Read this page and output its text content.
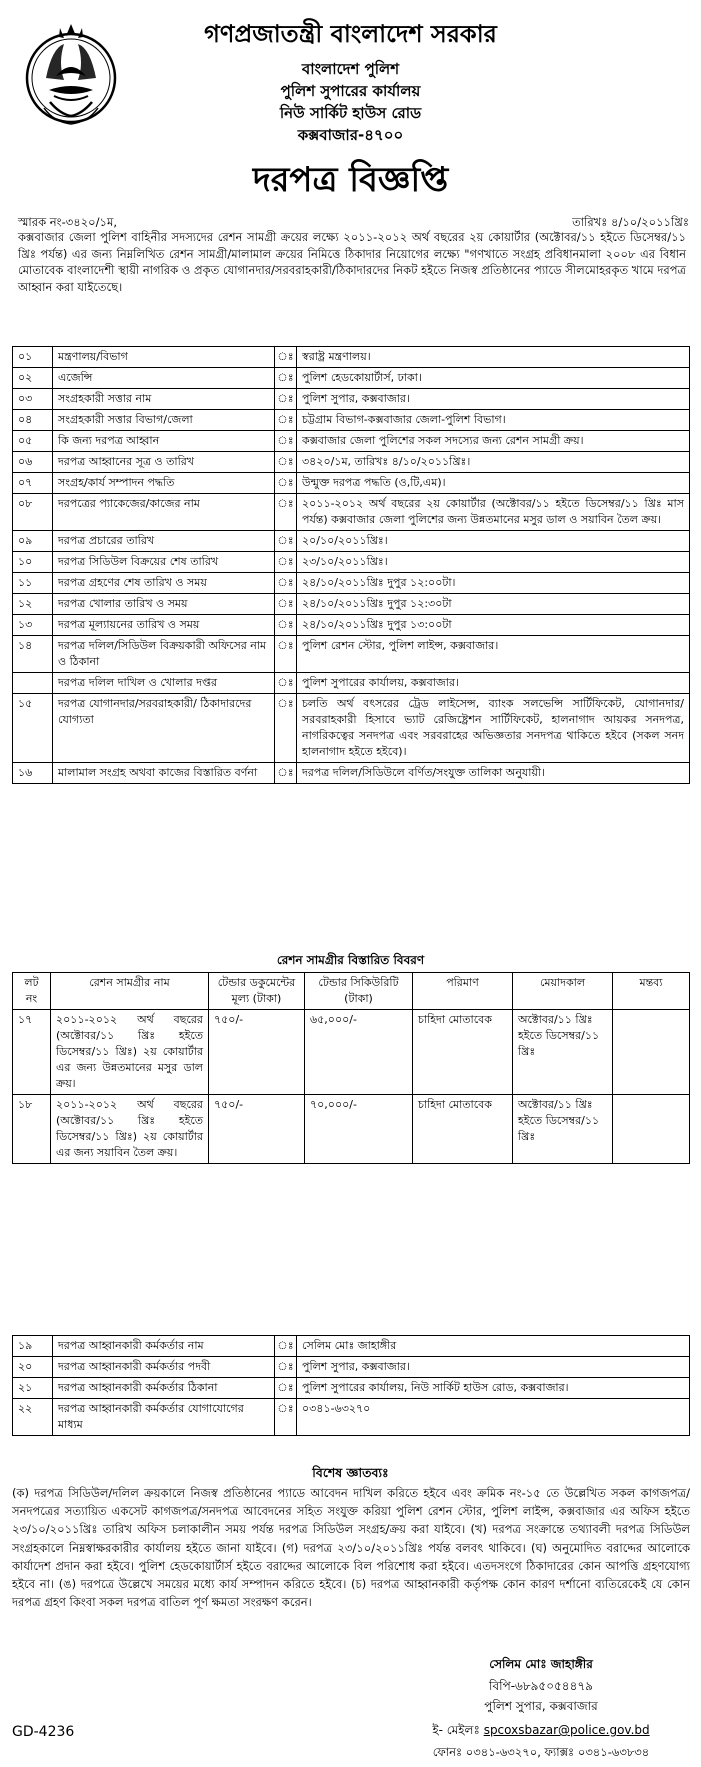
গণপ্রজাতন্ত্রী বাংলাদেশ সরকার
বাংলাদেশ পুলিশ
পুলিশ সুপারের কার্যালয়
নিউ সার্কিট হাউস রোড
কক্সবাজার-৪৭০০
দরপত্র বিজ্ঞপ্তি
স্মারক নং-৩৪২০/১ম,	তারিখঃ ৪/১০/২০১১খ্রিঃ
কক্সবাজার জেলা পুলিশ বাহিনীর সদস্যদের রেশন সামগ্রী ক্রয়ের লক্ষ্যে ২০১১-২০১২ অর্থ বছরের ২য় কোয়ার্টার (অক্টোবর/১১ হইতে ডিসেম্বর/১১ খ্রিঃ পর্যন্ত) এর জন্য নিম্নলিখিত রেশন সামগ্রী/মালামাল ক্রয়ের নিমিত্তে ঠিকাদার নিয়োগের লক্ষ্যে "গণখাতে সংগ্রহ প্রবিধানমালা ২০০৮ এর বিধান মোতাবেক বাংলাদেশী স্থায়ী নাগরিক ও প্রকৃত যোগানদার/সরবরাহকারী/ঠিকাদারদের নিকট হইতে নিজস্ব প্রতিষ্ঠানের প্যাডে সীলমোহরকৃত খামে দরপত্র আহ্বান করা যাইতেছে।
০১	মন্ত্রণালয়/বিভাগ	ঃ	স্বরাষ্ট্র মন্ত্রণালয়।
০২	এজেন্সি	ঃ	পুলিশ হেডকোয়ার্টার্স, ঢাকা।
০৩	সংগ্রহকারী সত্তার নাম	ঃ	পুলিশ সুপার, কক্সবাজার।
০৪	সংগ্রহকারী সত্তার বিভাগ/জেলা	ঃ	চট্টগ্রাম বিভাগ-কক্সবাজার জেলা-পুলিশ বিভাগ।
০৫	কি জন্য দরপত্র আহ্বান	ঃ	কক্সবাজার জেলা পুলিশের সকল সদস্যের জন্য রেশন সামগ্রী ক্রয়।
০৬	দরপত্র আহ্বানের সূত্র ও তারিখ	ঃ	৩৪২০/১ম, তারিখঃ ৪/১০/২০১১খ্রিঃ।
০৭	সংগ্রহ/কার্য সম্পাদন পদ্ধতি	ঃ	উন্মুক্ত দরপত্র পদ্ধতি (ও,টি,এম)।
০৮	দরপত্রের প্যাকেজের/কাজের নাম	ঃ	২০১১-২০১২ অর্থ বছরের ২য় কোয়ার্টার (অক্টোবর/১১ হইতে ডিসেম্বর/১১ খ্রিঃ মাস পর্যন্ত) কক্সবাজার জেলা পুলিশের জন্য উন্নতমানের মসুর ডাল ও সয়াবিন তৈল ক্রয়।
০৯	দরপত্র প্রচারের তারিখ	ঃ	২০/১০/২০১১খ্রিঃ।
১০	দরপত্র সিডিউল বিক্রয়ের শেষ তারিখ	ঃ	২৩/১০/২০১১খ্রিঃ।
১১	দরপত্র গ্রহণের শেষ তারিখ ও সময়	ঃ	২৪/১০/২০১১খ্রিঃ দুপুর ১২:০০টা।
১২	দরপত্র খোলার তারিখ ও সময়	ঃ	২৪/১০/২০১১খ্রিঃ দুপুর ১২:৩০টা
১৩	দরপত্র মূল্যায়নের তারিখ ও সময়	ঃ	২৪/১০/২০১১খ্রিঃ দুপুর ১৩:০০টা
১৪	দরপত্র দলিল/সিডিউল বিক্রয়কারী অফিসের নাম ও ঠিকানা	ঃ	পুলিশ রেশন স্টোর, পুলিশ লাইন্স, কক্সবাজার।
	দরপত্র দলিল দাখিল ও খোলার দপ্তর	ঃ	পুলিশ সুপারের কার্যালয়, কক্সবাজার।
১৫	দরপত্র যোগানদার/সরবরাহকারী/ ঠিকাদারদের যোগ্যতা	ঃ	চলতি অর্থ বৎসরের ট্রেড লাইসেন্স, ব্যাংক সলভেন্সি সার্টিফিকেট, যোগানদার/সরবরাহকারী হিসাবে ভ্যাট রেজিষ্ট্রেশন সার্টিফিকেট, হালনাগাদ আয়কর সনদপত্র, নাগরিকত্বের সনদপত্র এবং সরবরাহের অভিজ্ঞতার সনদপত্র থাকিতে হইবে (সকল সনদ হালনাগাদ হইতে হইবে)।
১৬	মালামাল সংগ্রহ অথবা কাজের বিস্তারিত বর্ণনা	ঃ	দরপত্র দলিল/সিডিউলে বর্ণিত/সংযুক্ত তালিকা অনুযায়ী।
রেশন সামগ্রীর বিস্তারিত বিবরণ
লট নং	রেশন সামগ্রীর নাম	টেন্ডার ডকুমেন্টের মূল্য (টাকা)	টেন্ডার সিকিউরিটি (টাকা)	পরিমাণ	মেয়াদকাল	মন্তব্য
১৭	২০১১-২০১২ অর্থ বছরের (অক্টোবর/১১ খ্রিঃ হইতে ডিসেম্বর/১১ খ্রিঃ) ২য় কোয়ার্টার এর জন্য উন্নতমানের মসুর ডাল ক্রয়।	৭৫০/-	৬৫,০০০/-	চাহিদা মোতাবেক	অক্টোবর/১১ খ্রিঃ হইতে ডিসেম্বর/১১ খ্রিঃ	
১৮	২০১১-২০১২ অর্থ বছরের (অক্টোবর/১১ খ্রিঃ হইতে ডিসেম্বর/১১ খ্রিঃ) ২য় কোয়ার্টার এর জন্য সয়াবিন তৈল ক্রয়।	৭৫০/-	৭০,০০০/-	চাহিদা মোতাবেক	অক্টোবর/১১ খ্রিঃ হইতে ডিসেম্বর/১১ খ্রিঃ	
১৯	দরপত্র আহ্বানকারী কর্মকর্তার নাম	ঃ	সেলিম মোঃ জাহাঙ্গীর
২০	দরপত্র আহ্বানকারী কর্মকর্তার পদবী	ঃ	পুলিশ সুপার, কক্সবাজার।
২১	দরপত্র আহ্বানকারী কর্মকর্তার ঠিকানা	ঃ	পুলিশ সুপারের কার্যালয়, নিউ সার্কিট হাউস রোড, কক্সবাজার।
২২	দরপত্র আহ্বানকারী কর্মকর্তার যোগাযোগের মাধ্যম	ঃ	০৩৪১-৬৩২৭০
বিশেষ জ্ঞাতব্যঃ
(ক) দরপত্র সিডিউল/দলিল ক্রয়কালে নিজস্ব প্রতিষ্ঠানের প্যাডে আবেদন দাখিল করিতে হইবে এবং ক্রমিক নং-১৫ তে উল্লেখিত সকল কাগজপত্র/সনদপত্রের সত্যায়িত একসেট কাগজপত্র/সনদপত্র আবেদনের সহিত সংযুক্ত করিয়া পুলিশ রেশন স্টোর, পুলিশ লাইন্স, কক্সবাজার এর অফিস হইতে ২৩/১০/২০১১খ্রিঃ তারিখ অফিস চলাকালীন সময় পর্যন্ত দরপত্র সিডিউল সংগ্রহ/ক্রয় করা যাইবে। (খ) দরপত্র সংক্রান্তে তথ্যাবলী দরপত্র সিডিউল সংগ্রহকালে নিম্নস্বাক্ষরকারীর কার্যালয় হইতে জানা যাইবে। (গ) দরপত্র ২৩/১০/২০১১খ্রিঃ পর্যন্ত বলবৎ থাকিবে। (ঘ) অনুমোদিত বরাদ্দের আলোকে কার্যাদেশ প্রদান করা হইবে। পুলিশ হেডকোয়ার্টার্স হইতে বরাদ্দের আলোকে বিল পরিশোধ করা হইবে। এতদসংগে ঠিকাদারের কোন আপত্তি গ্রহণযোগ্য হইবে না। (ঙ) দরপত্রে উল্লেখে সময়ের মধ্যে কার্য সম্পাদন করিতে হইবে। (চ) দরপত্র আহ্বানকারী কর্তৃপক্ষ কোন কারণ দর্শানো ব্যতিরেকেই যে কোন দরপত্র গ্রহণ কিংবা সকল দরপত্র বাতিল পূর্ণ ক্ষমতা সংরক্ষণ করেন।
সেলিম মোঃ জাহাঙ্গীর
বিপি-৬৮৯৫০৫৪৪৭৯
পুলিশ সুপার, কক্সবাজার
ই- মেইলঃ spcoxsbazar@police.gov.bd
ফোনঃ ০৩৪১-৬৩২৭০, ফ্যাক্সঃ ০৩৪১-৬৩৮৩৪
GD-4236
